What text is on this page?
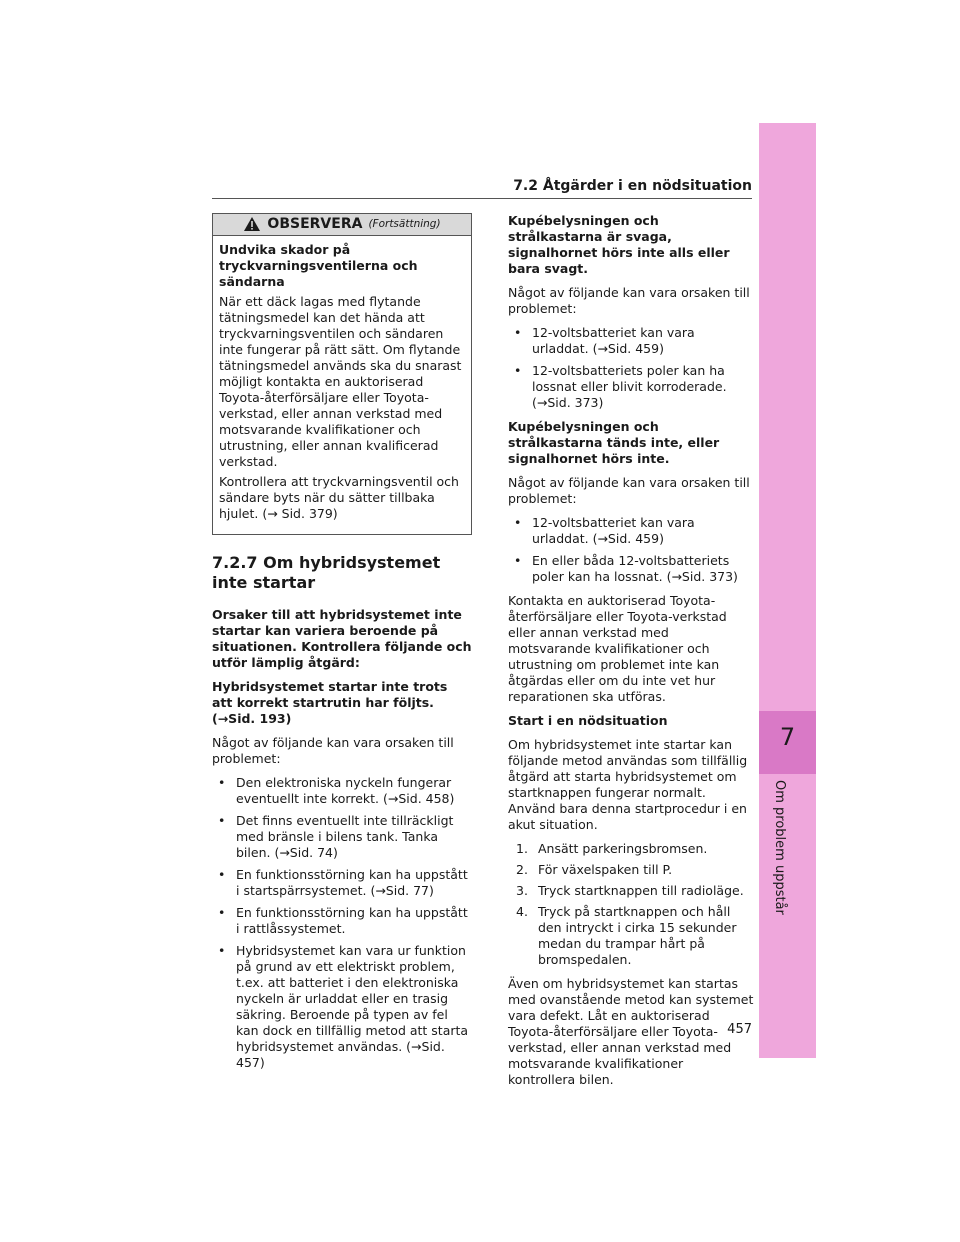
7.2 Åtgärder i en nödsituation
7
Om problem uppstår
OBSERVERA (Fortsättning)

Undvika skador på tryckvarningsventilerna och sändarna

När ett däck lagas med flytande tätningsmedel kan det hända att tryckvarningsventilen och sändaren inte fungerar på rätt sätt. Om flytande tätningsmedel används ska du snarast möjligt kontakta en auktoriserad Toyota-återförsäljare eller Toyota-verkstad, eller annan verkstad med motsvarande kvalifikationer och utrustning, eller annan kvalificerad verkstad.

Kontrollera att tryckvarningsventil och sändare byts när du sätter tillbaka hjulet. (→ Sid. 379)

7.2.7 Om hybridsystemet inte startar

Orsaker till att hybridsystemet inte startar kan variera beroende på situationen. Kontrollera följande och utför lämplig åtgärd:

Hybridsystemet startar inte trots att korrekt startrutin har följts. (→Sid. 193)

Något av följande kan vara orsaken till problemet:

• Den elektroniska nyckeln fungerar eventuellt inte korrekt. (→Sid. 458)
• Det finns eventuellt inte tillräckligt med bränsle i bilens tank. Tanka bilen. (→Sid. 74)
• En funktionsstörning kan ha uppstått i startspärrsystemet. (→Sid. 77)
• En funktionsstörning kan ha uppstått i rattlåssystemet.
• Hybridsystemet kan vara ur funktion på grund av ett elektriskt problem, t.ex. att batteriet i den elektroniska nyckeln är urladdat eller en trasig säkring. Beroende på typen av fel kan dock en tillfällig metod att starta hybridsystemet användas. (→Sid. 457)

Kupébelysningen och strålkastarna är svaga, signalhornet hörs inte alls eller bara svagt.

Något av följande kan vara orsaken till problemet:

• 12-voltsbatteriet kan vara urladdat. (→Sid. 459)
• 12-voltsbatteriets poler kan ha lossnat eller blivit korroderade. (→Sid. 373)

Kupébelysningen och strålkastarna tänds inte, eller signalhornet hörs inte.

Något av följande kan vara orsaken till problemet:

• 12-voltsbatteriet kan vara urladdat. (→Sid. 459)
• En eller båda 12-voltsbatteriets poler kan ha lossnat. (→Sid. 373)

Kontakta en auktoriserad Toyota-återförsäljare eller Toyota-verkstad eller annan verkstad med motsvarande kvalifikationer och utrustning om problemet inte kan åtgärdas eller om du inte vet hur reparationen ska utföras.

Start i en nödsituation

Om hybridsystemet inte startar kan följande metod användas som tillfällig åtgärd att starta hybridsystemet om startknappen fungerar normalt. Använd bara denna startprocedur i en akut situation.

1. Ansätt parkeringsbromsen.
2. För växelspaken till P.
3. Tryck startknappen till radioläge.
4. Tryck på startknappen och håll den intryckt i cirka 15 sekunder medan du trampar hårt på bromspedalen.

Även om hybridsystemet kan startas med ovanstående metod kan systemet vara defekt. Låt en auktoriserad Toyota-återförsäljare eller Toyota-verkstad, eller annan verkstad med motsvarande kvalifikationer kontrollera bilen.

457
